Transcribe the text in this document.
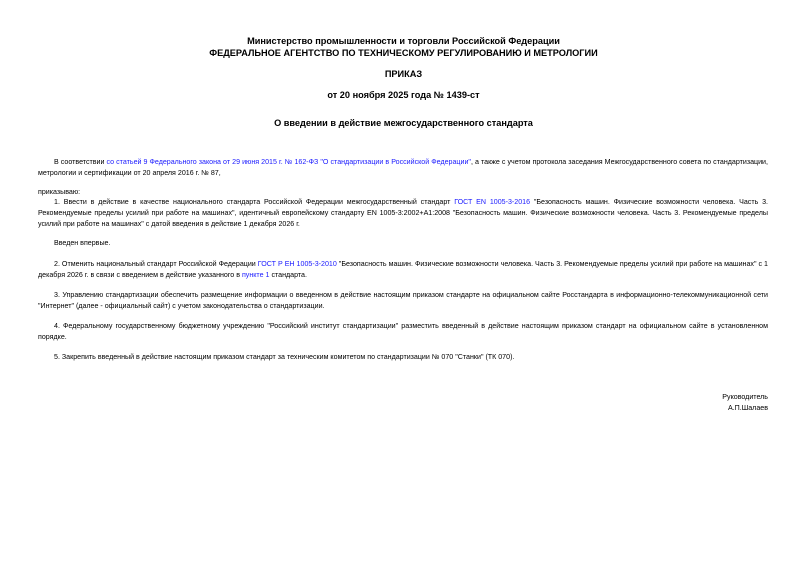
Министерство промышленности и торговли Российской Федерации
ФЕДЕРАЛЬНОЕ АГЕНТСТВО ПО ТЕХНИЧЕСКОМУ РЕГУЛИРОВАНИЮ И МЕТРОЛОГИИ
ПРИКАЗ
от 20 ноября 2025 года № 1439-ст
О введении в действие межгосударственного стандарта
В соответствии со статьей 9 Федерального закона от 29 июня 2015 г. № 162-ФЗ "О стандартизации в Российской Федерации", а также с учетом протокола заседания Межгосударственного совета по стандартизации, метрологии и сертификации от 20 апреля 2016 г. № 87,
приказываю:
1. Ввести в действие в качестве национального стандарта Российской Федерации межгосударственный стандарт ГОСТ EN 1005-3-2016 "Безопасность машин. Физические возможности человека. Часть 3. Рекомендуемые пределы усилий при работе на машинах", идентичный европейскому стандарту EN 1005-3:2002+A1:2008 "Безопасность машин. Физические возможности человека. Часть 3. Рекомендуемые пределы усилий при работе на машинах" с датой введения в действие 1 декабря 2026 г.
Введен впервые.
2. Отменить национальный стандарт Российской Федерации ГОСТ Р ЕН 1005-3-2010 "Безопасность машин. Физические возможности человека. Часть 3. Рекомендуемые пределы усилий при работе на машинах" с 1 декабря 2026 г. в связи с введением в действие указанного в пункте 1 стандарта.
3. Управлению стандартизации обеспечить размещение информации о введенном в действие настоящим приказом стандарте на официальном сайте Росстандарта в информационно-телекоммуникационной сети "Интернет" (далее - официальный сайт) с учетом законодательства о стандартизации.
4. Федеральному государственному бюджетному учреждению "Российский институт стандартизации" разместить введенный в действие настоящим приказом стандарт на официальном сайте в установленном порядке.
5. Закрепить введенный в действие настоящим приказом стандарт за техническим комитетом по стандартизации № 070 "Станки" (ТК 070).
Руководитель
А.П.Шалаев
